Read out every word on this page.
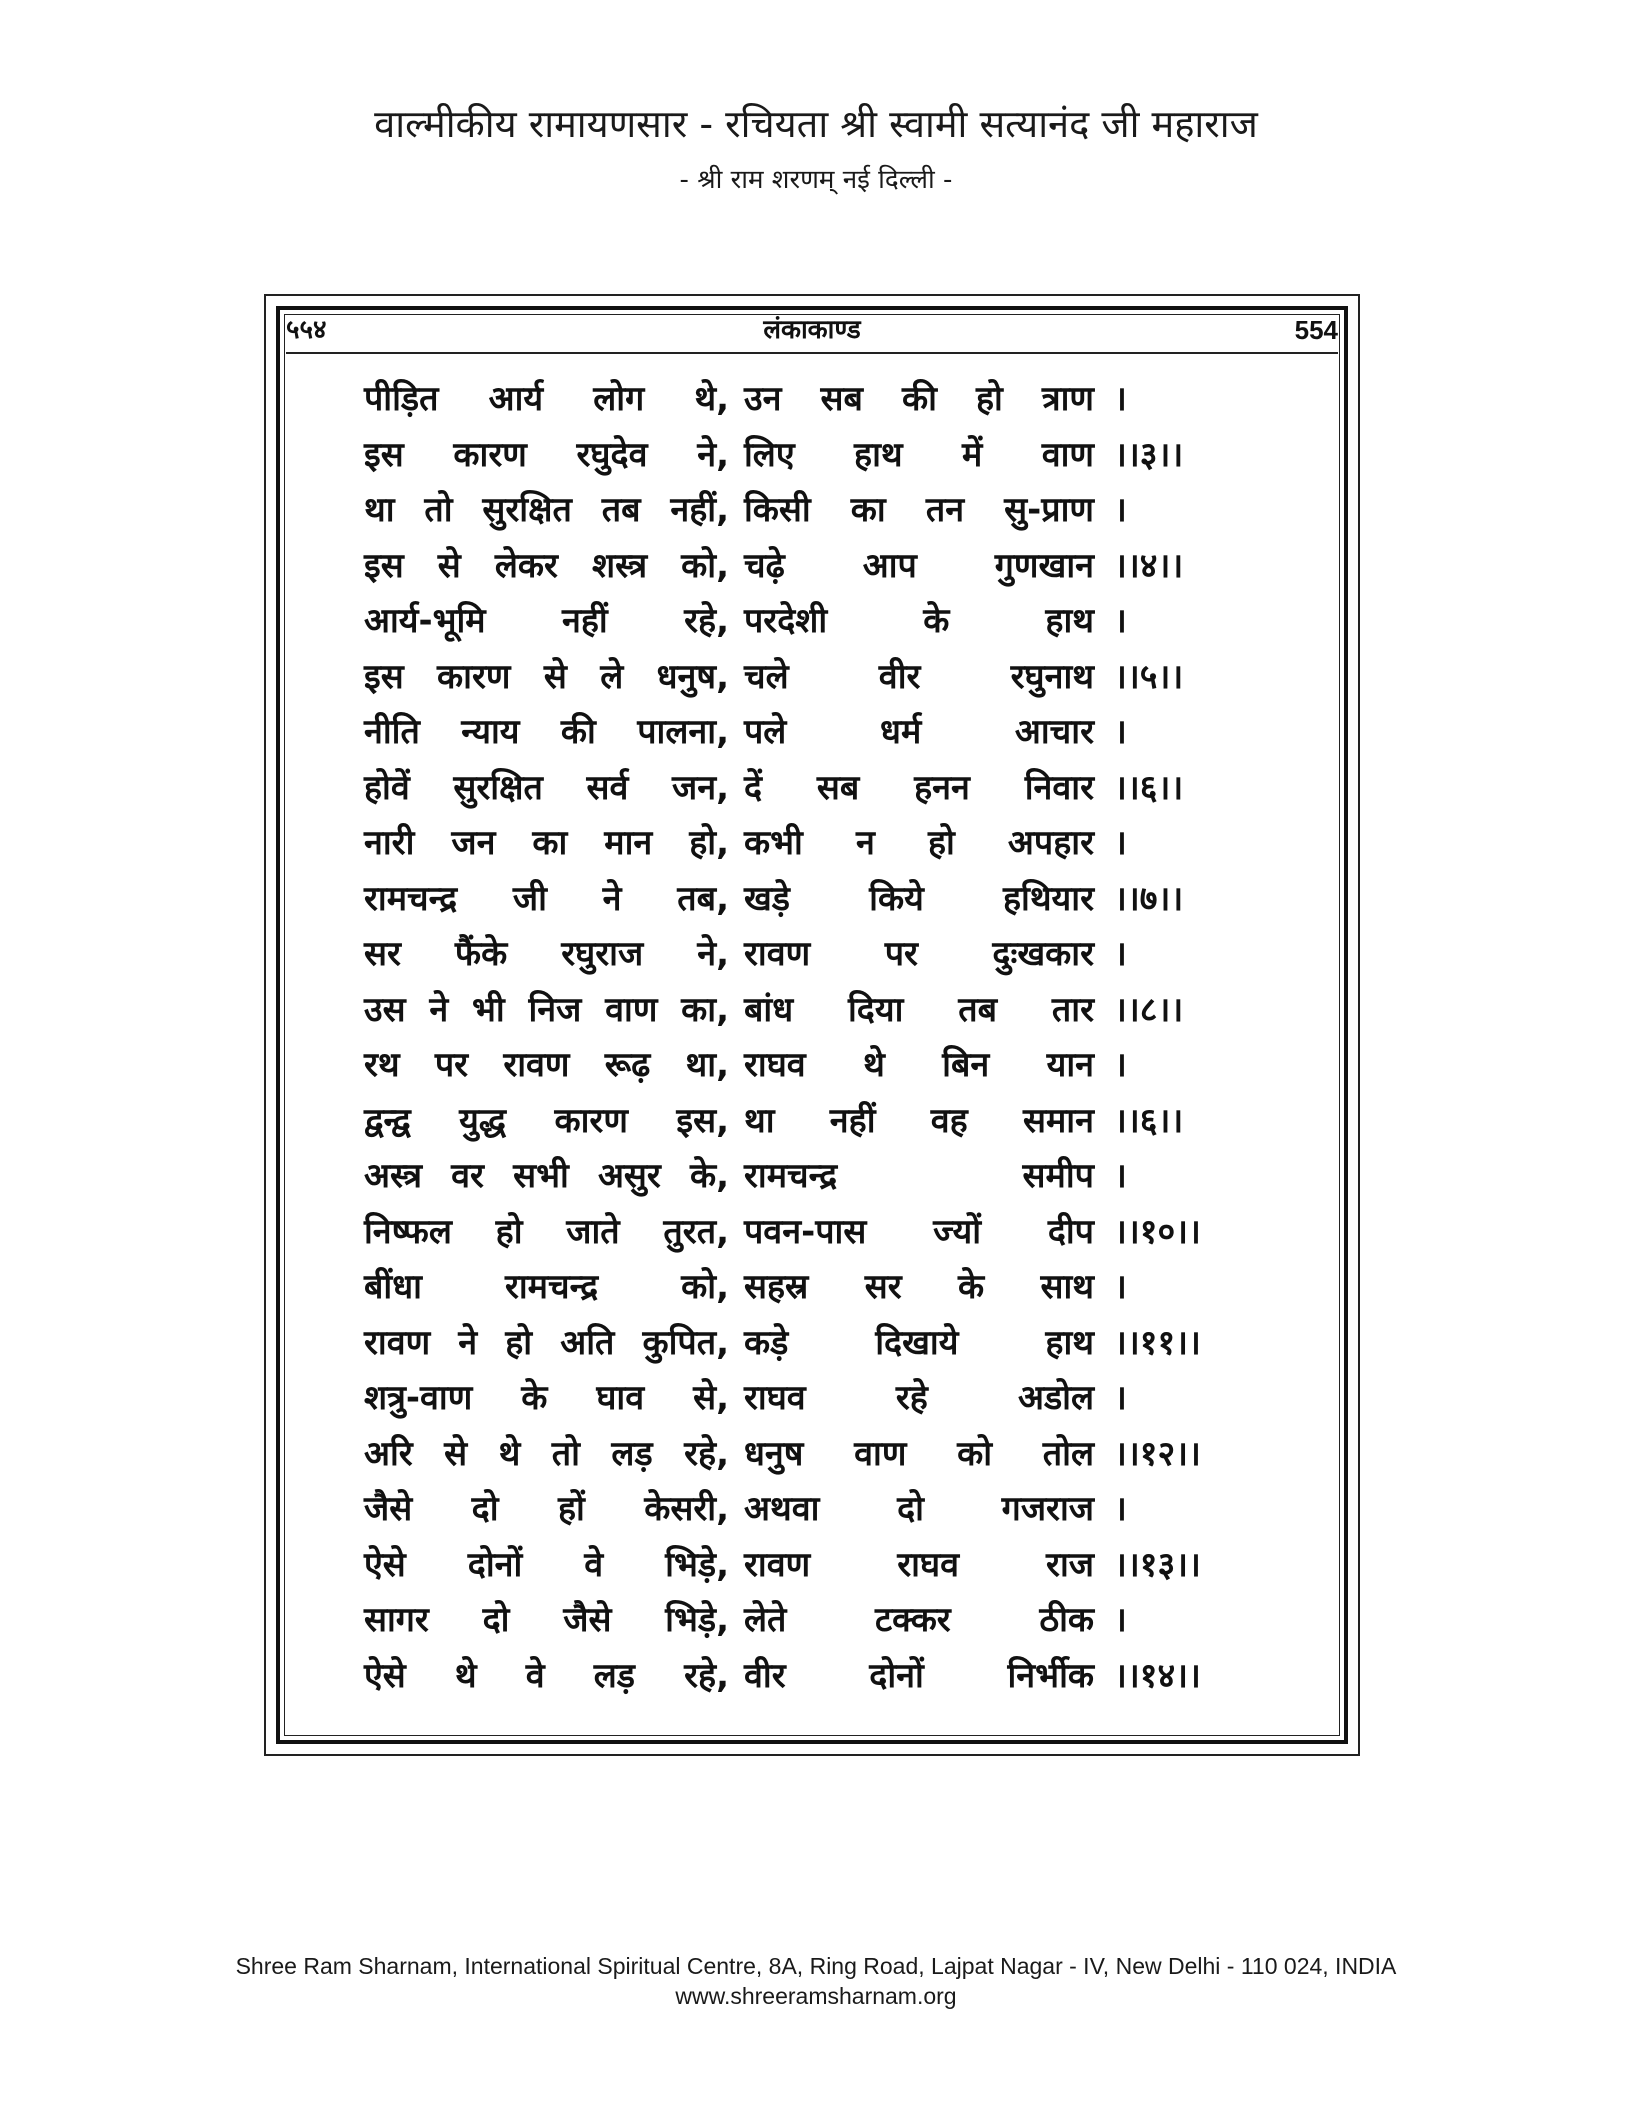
वाल्मीकीय रामायणसार - रचियता श्री स्वामी सत्यानंद जी महाराज
- श्री राम शरणम् नई दिल्ली -
५५४	लंकाकाण्ड	554
पीड़ित आर्य लोग थे, उन सब की हो त्राण ।
इस कारण रघुदेव ने, लिए हाथ में वाण ।।३।।
था तो सुरक्षित तब नहीं, किसी का तन सु-प्राण ।
इस से लेकर शस्त्र को, चढ़े आप गुणखान ।।४।।
आर्य-भूमि नहीं रहे, परदेशी के हाथ ।
इस कारण से ले धनुष, चले वीर रघुनाथ ।।५।।
नीति न्याय की पालना, पले धर्म आचार ।
होवें सुरक्षित सर्व जन, दें सब हनन निवार ।।६।।
नारी जन का मान हो, कभी न हो अपहार ।
रामचन्द्र जी ने तब, खड़े किये हथियार ।।७।।
सर फैंके रघुराज ने, रावण पर दुःखकार ।
उस ने भी निज वाण का, बांध दिया तब तार ।।८।।
रथ पर रावण रूढ़ था, राघव थे बिन यान ।
द्वन्द्व युद्ध कारण इस, था नहीं वह समान ।।६।।
अस्त्र वर सभी असुर के, रामचन्द्र समीप ।
निष्फल हो जाते तुरत, पवन-पास ज्यों दीप ।।१०।।
बींधा रामचन्द्र को, सहस्र सर के साथ ।
रावण ने हो अति कुपित, कड़े दिखाये हाथ ।।११।।
शत्रु-वाण के घाव से, राघव रहे अडोल ।
अरि से थे तो लड़ रहे, धनुष वाण को तोल ।।१२।।
जैसे दो हों केसरी, अथवा दो गजराज ।
ऐसे दोनों वे भिड़े, रावण राघव राज ।।१३।।
सागर दो जैसे भिड़े, लेते टक्कर ठीक ।
ऐसे थे वे लड़ रहे, वीर दोनों निर्भीक ।।१४।।
Shree Ram Sharnam, International Spiritual Centre, 8A, Ring Road, Lajpat Nagar - IV, New Delhi - 110 024, INDIA
www.shreeramsharnam.org
